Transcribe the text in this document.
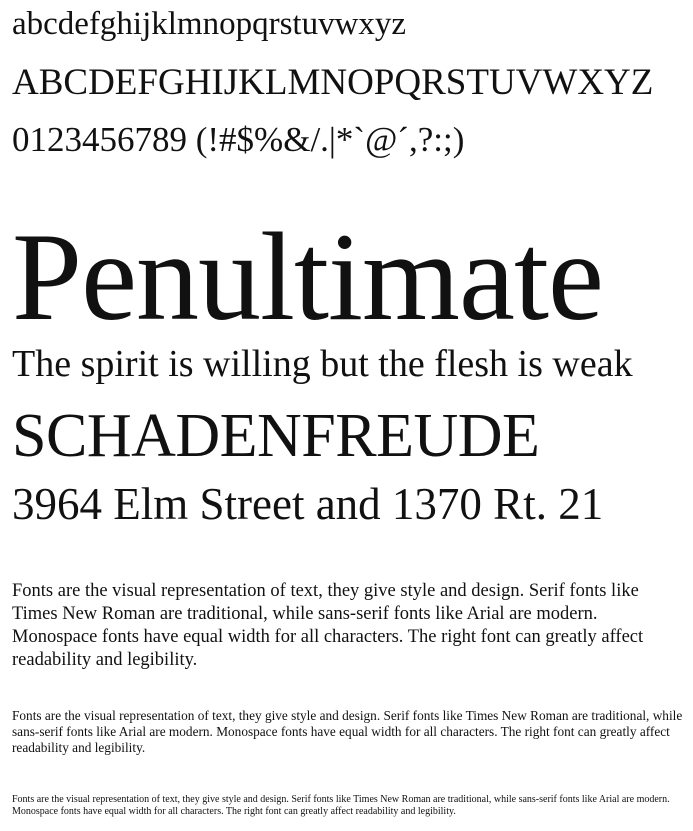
abcdefghijklmnopqrstuvwxyz

ABCDEFGHIJKLMNOPQRSTUVWXYZ

0123456789 (!#$%&/.|*`@´,?:;)

Penultimate

The spirit is willing but the flesh is weak

SCHADENFREUDE

3964 Elm Street and 1370 Rt. 21

Fonts are the visual representation of text, they give style and design. Serif fonts like Times New Roman are traditional, while sans-serif fonts like Arial are modern. Monospace fonts have equal width for all characters. The right font can greatly affect readability and legibility.

Fonts are the visual representation of text, they give style and design. Serif fonts like Times New Roman are traditional, while sans-serif fonts like Arial are modern. Monospace fonts have equal width for all characters. The right font can greatly affect readability and legibility.

Fonts are the visual representation of text, they give style and design. Serif fonts like Times New Roman are traditional, while sans-serif fonts like Arial are modern. Monospace fonts have equal width for all characters. The right font can greatly affect readability and legibility.
